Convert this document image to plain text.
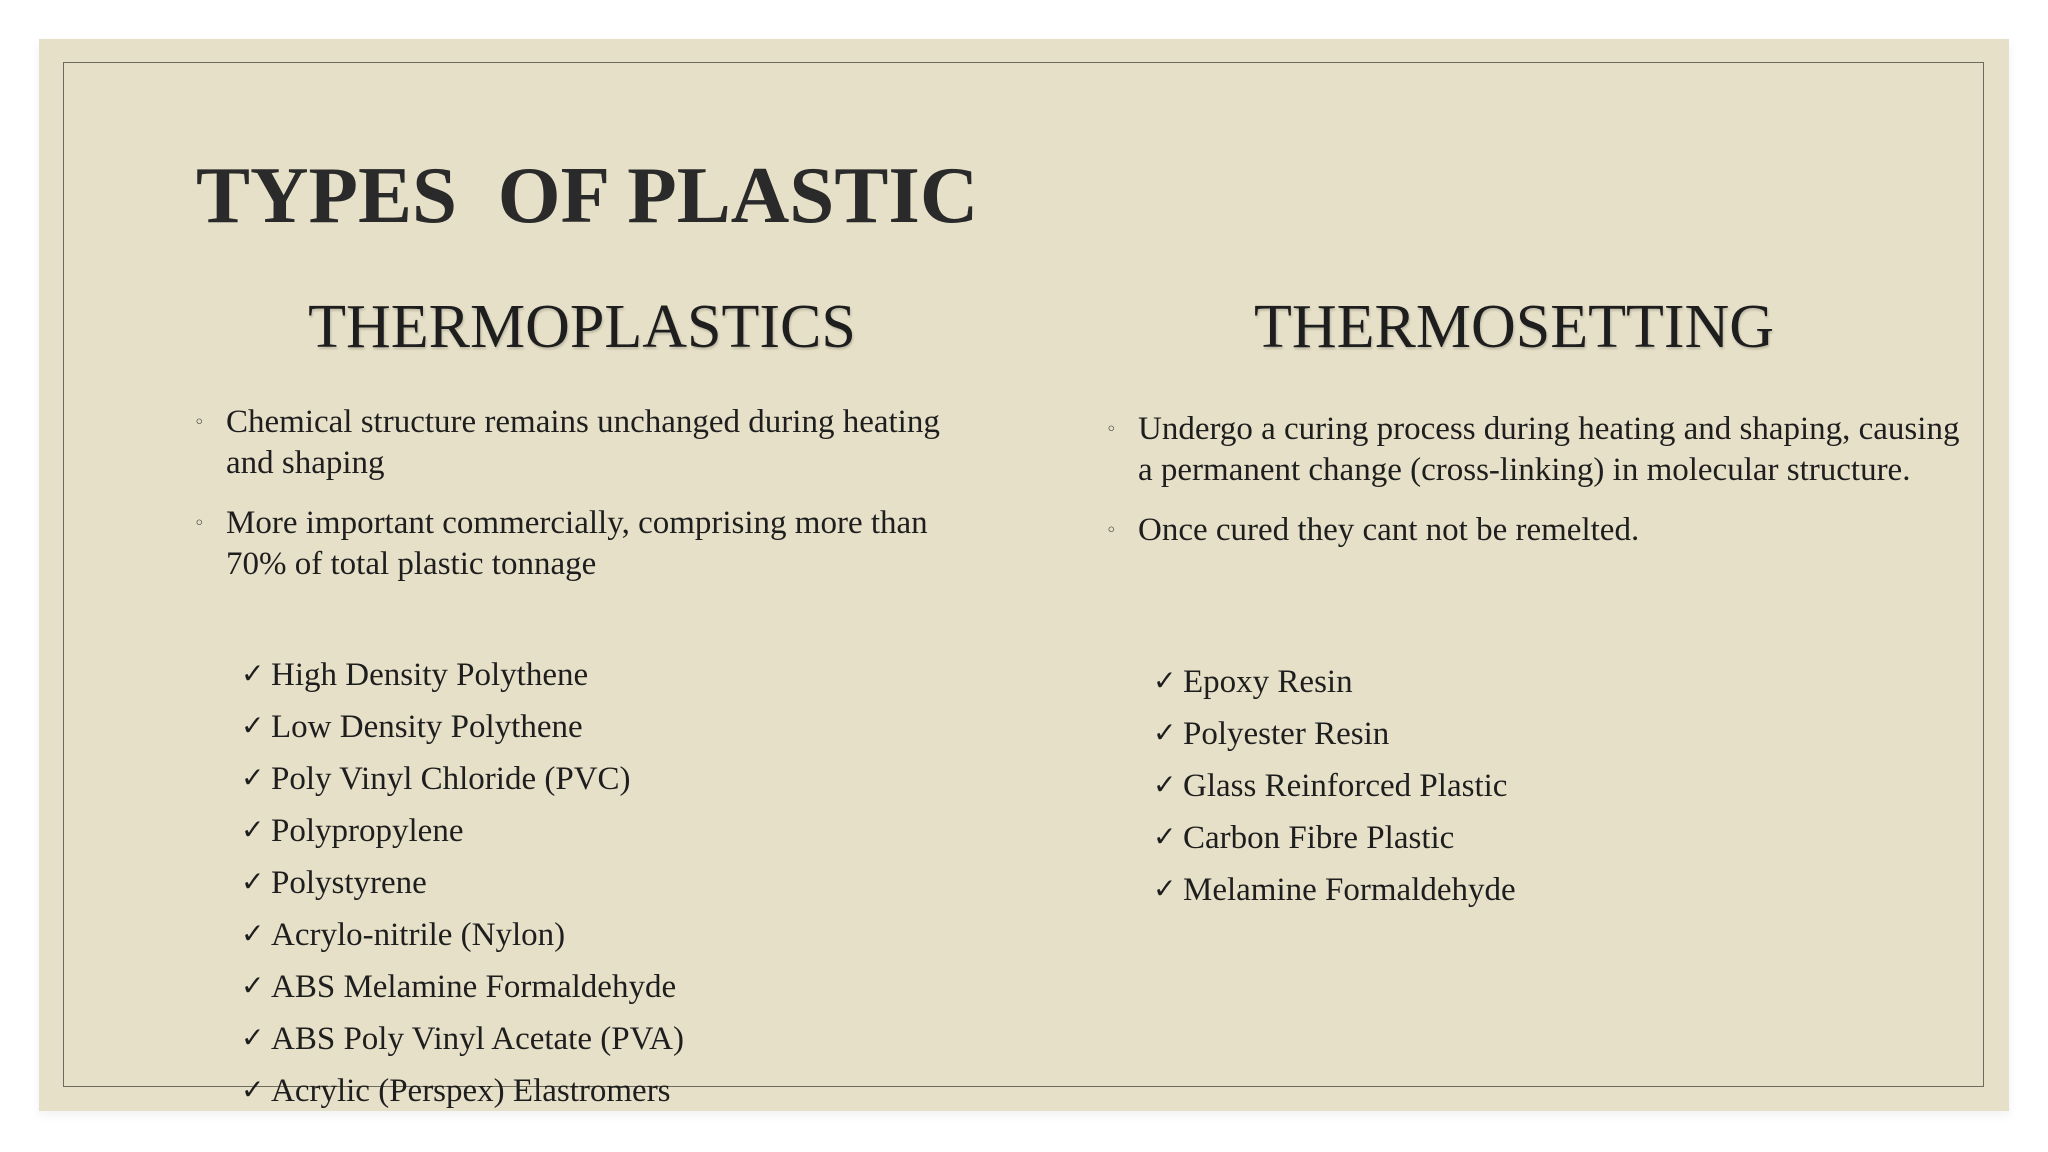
TYPES  OF PLASTIC
THERMOPLASTICS
◦ Chemical structure remains unchanged during heating and shaping
◦ More important commercially, comprising more than 70% of total plastic tonnage
✓ High Density Polythene
✓ Low Density Polythene
✓ Poly Vinyl Chloride (PVC)
✓ Polypropylene
✓ Polystyrene
✓ Acrylo-nitrile (Nylon)
✓ ABS Melamine Formaldehyde
✓ ABS Poly Vinyl Acetate (PVA)
✓ Acrylic (Perspex) Elastromers
THERMOSETTING
◦ Undergo a curing process during heating and shaping, causing a permanent change (cross-linking) in molecular structure.
◦ Once cured they cant not be remelted.
✓ Epoxy Resin
✓ Polyester Resin
✓ Glass Reinforced Plastic
✓ Carbon Fibre Plastic
✓ Melamine Formaldehyde
